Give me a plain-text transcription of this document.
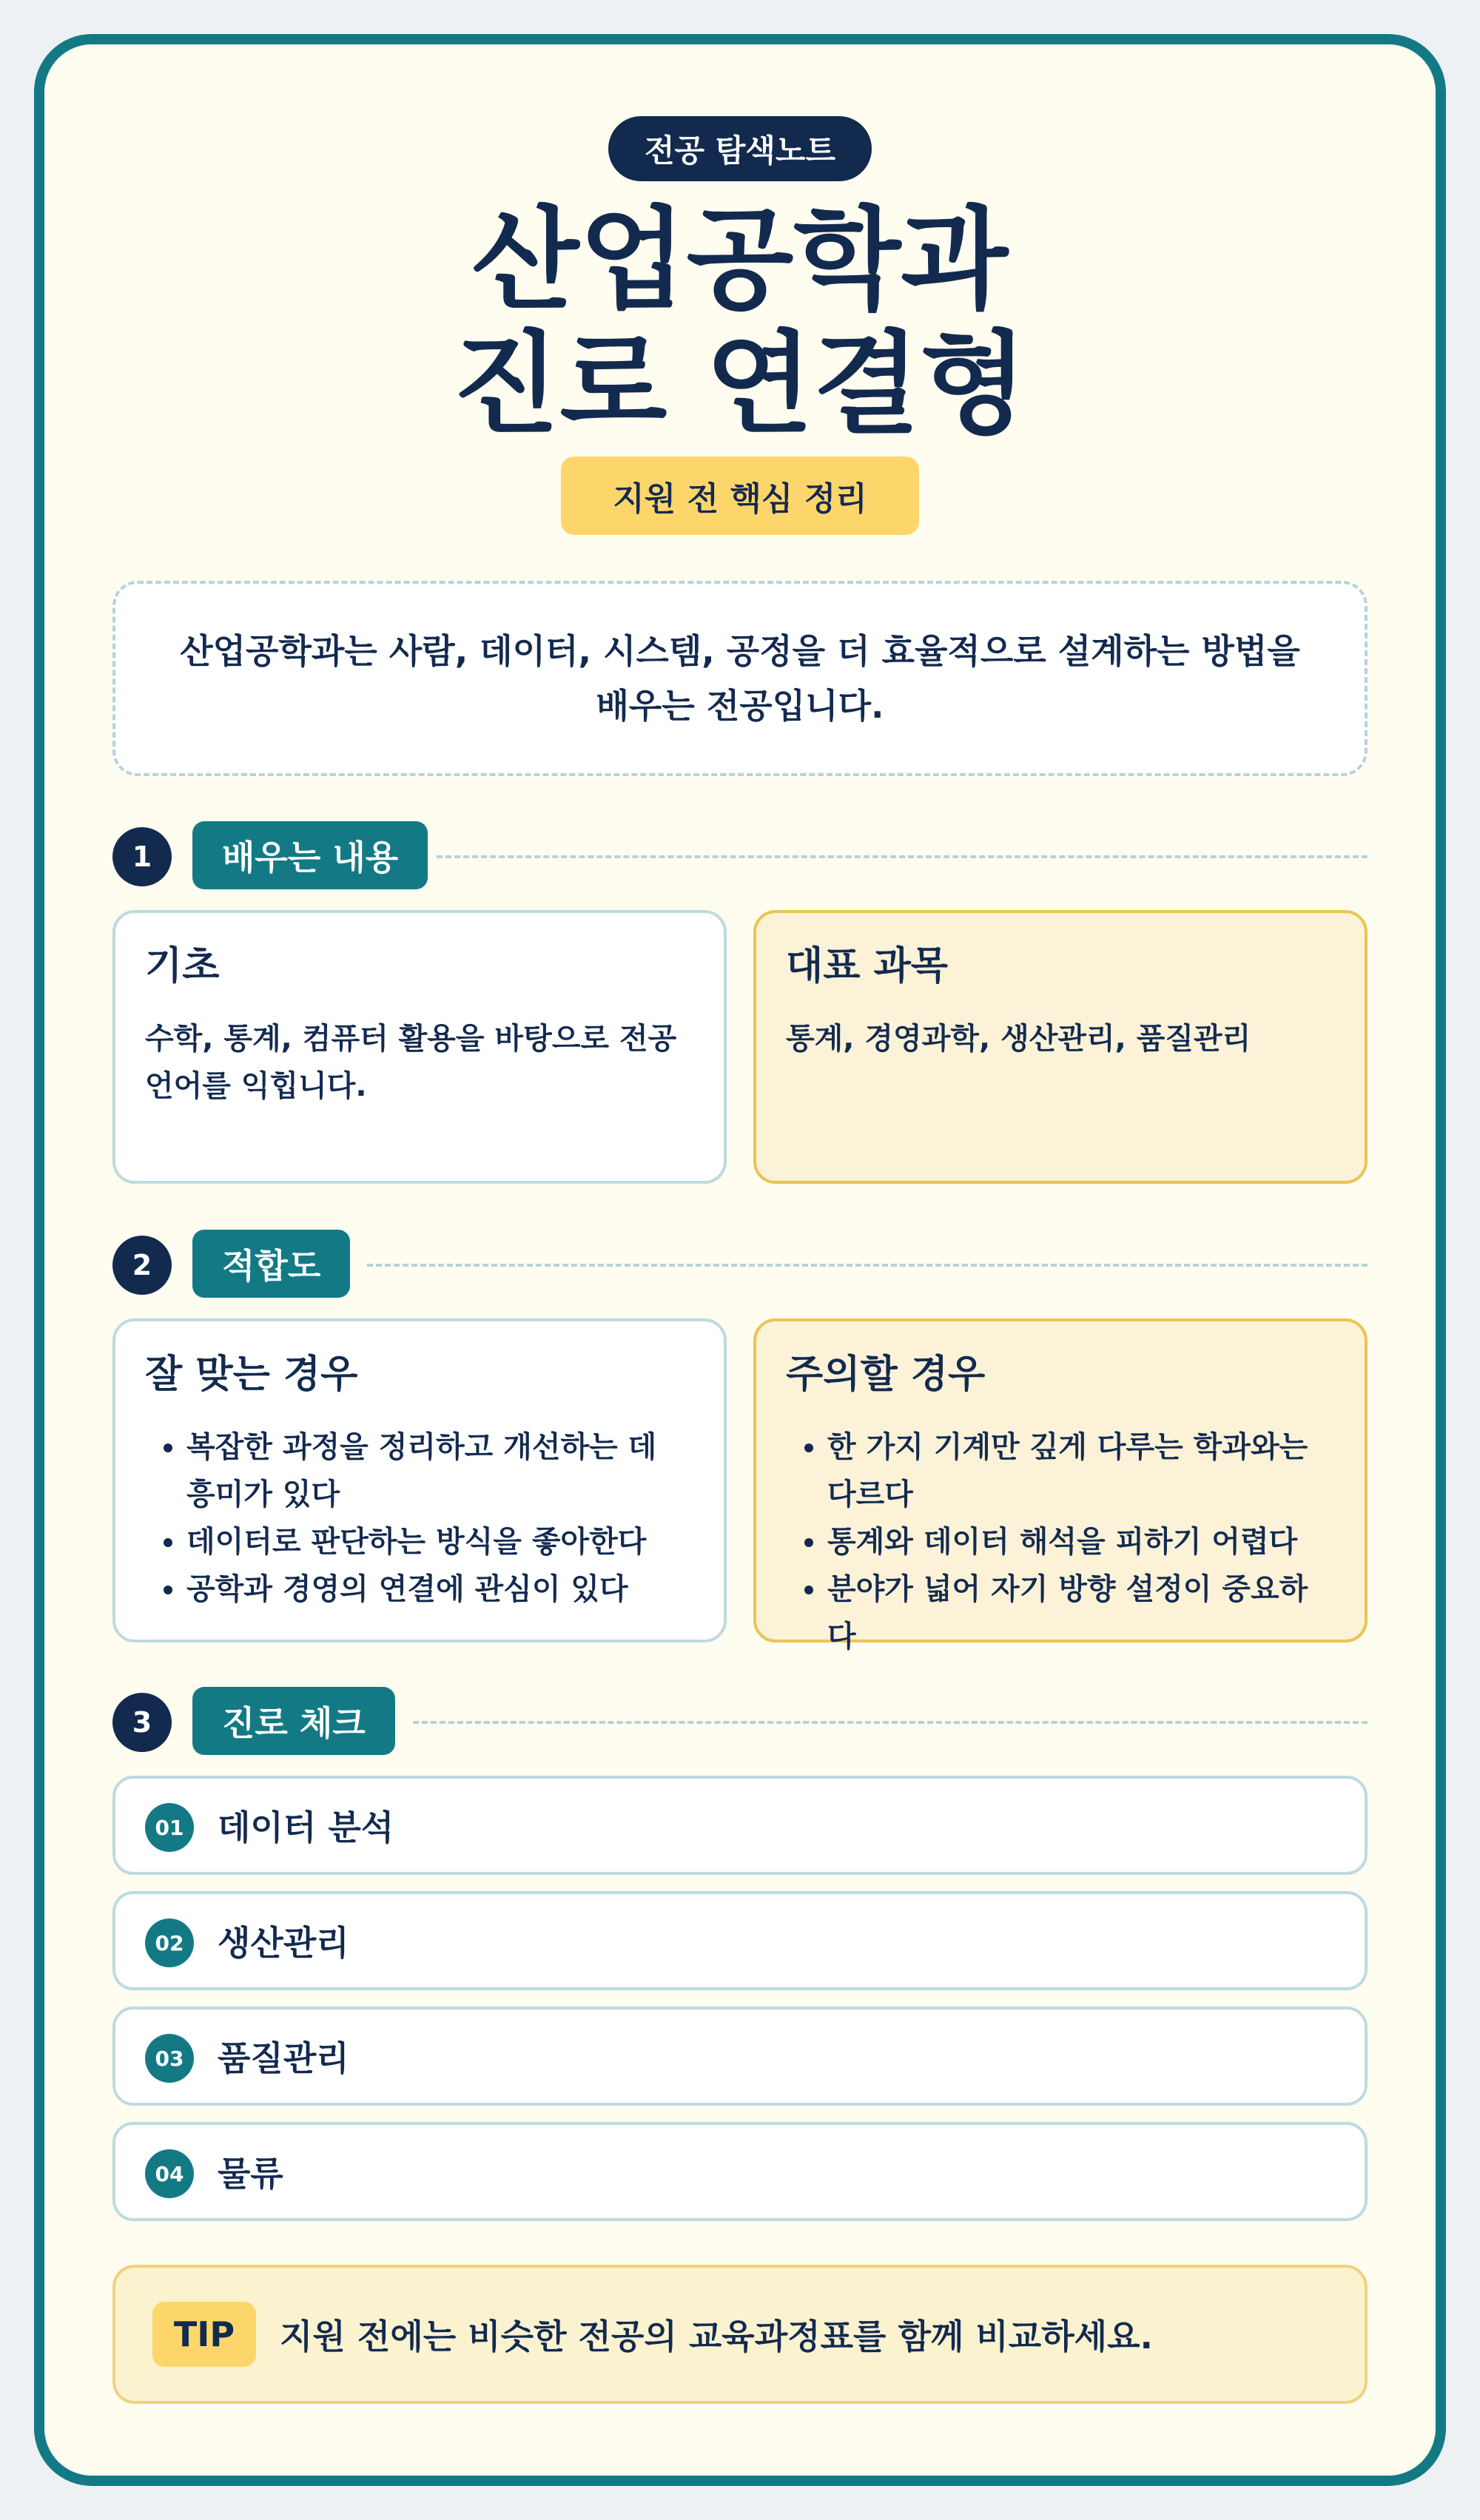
전공 탐색노트
산업공학과
진로 연결형
지원 전 핵심 정리
산업공학과는 사람, 데이터, 시스템, 공정을 더 효율적으로 설계하는 방법을 배우는 전공입니다.
1	배우는 내용
기초

수학, 통계, 컴퓨터 활용을 바탕으로 전공 언어를 익힙니다.

대표 과목

통계, 경영과학, 생산관리, 품질관리

2	적합도
잘 맞는 경우
• 복잡한 과정을 정리하고 개선하는 데 흥미가 있다
• 데이터로 판단하는 방식을 좋아한다
• 공학과 경영의 연결에 관심이 있다
주의할 경우
• 한 가지 기계만 깊게 다루는 학과와는 다르다
• 통계와 데이터 해석을 피하기 어렵다
• 분야가 넓어 자기 방향 설정이 중요하다
3	진로 체크
01 데이터 분석
02 생산관리
03 품질관리
04 물류
TIP	지원 전에는 비슷한 전공의 교육과정표를 함께 비교하세요.
